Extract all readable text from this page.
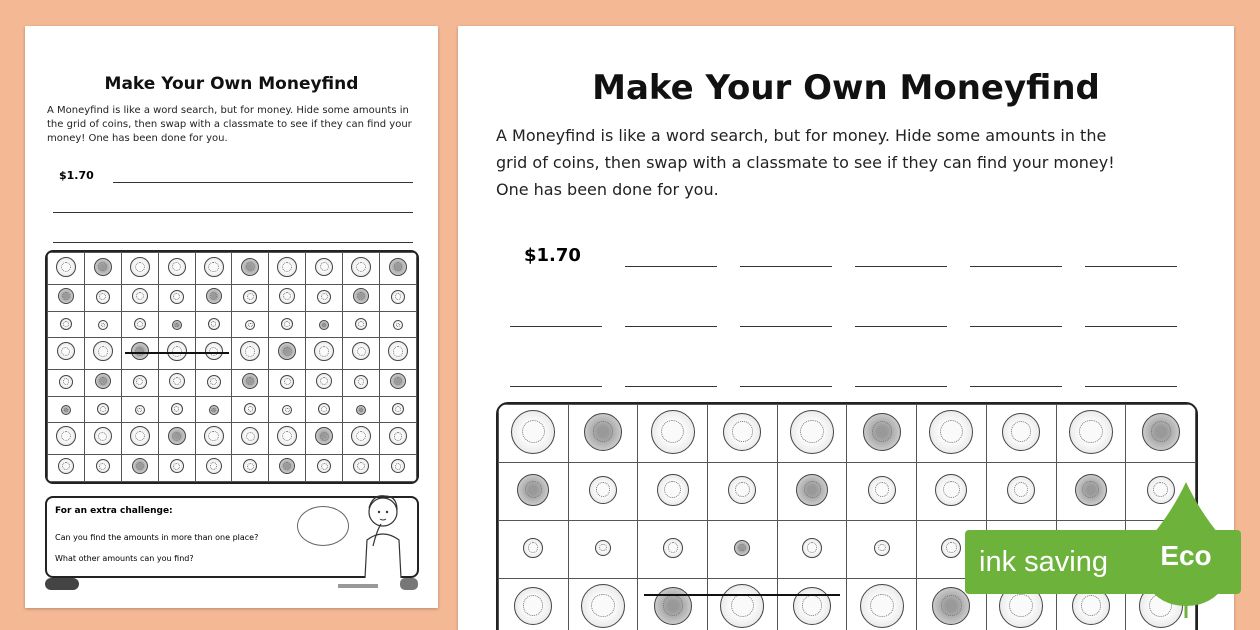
Make Your Own Moneyfind
A Moneyfind is like a word search, but for money. Hide some amounts in the grid of coins, then swap with a classmate to see if they can find your money! One has been done for you.
$1.70

For an extra challenge:
Can you find the amounts in more than one place?
What other amounts can you find?
Make Your Own Moneyfind
A Moneyfind is like a word search, but for money. Hide some amounts in the
grid of coins, then swap with a classmate to see if they can find your money!
One has been done for you.
$1.70

ink saving	Eco
